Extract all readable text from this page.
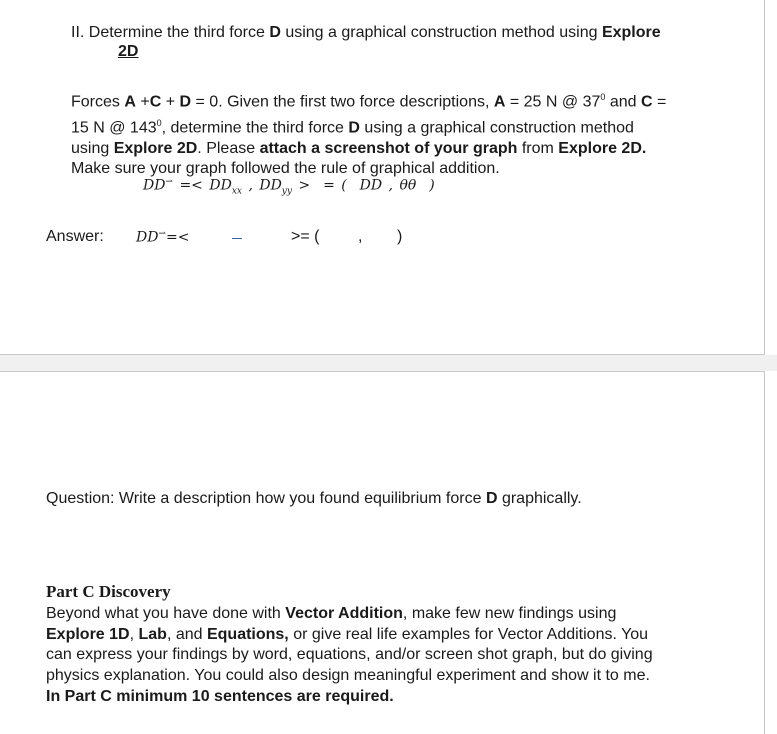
II. Determine the third force D using a graphical construction method using Explore
2D
Forces A +C + D = 0. Given the first two force descriptions, A = 25 N @ $37^0$ and C =
15 N @ $143^0$, determine the third force D using a graphical construction method
using Explore 2D. Please attach a screenshot of your graph from Explore 2D.
Make sure your graph followed the rule of graphical addition.
$DD^⇀ =< DD_{xx}$ , $DD_{yy}$ > = ( DD , θθ )
Answer: DD⇀=<	>= ( , )
Question: Write a description how you found equilibrium force D graphically.
Part C Discovery
Beyond what you have done with Vector Addition, make few new findings using
Explore 1D, Lab, and Equations, or give real life examples for Vector Additions. You
can express your findings by word, equations, and/or screen shot graph, but do giving
physics explanation. You could also design meaningful experiment and show it to me.
In Part C minimum 10 sentences are required.
